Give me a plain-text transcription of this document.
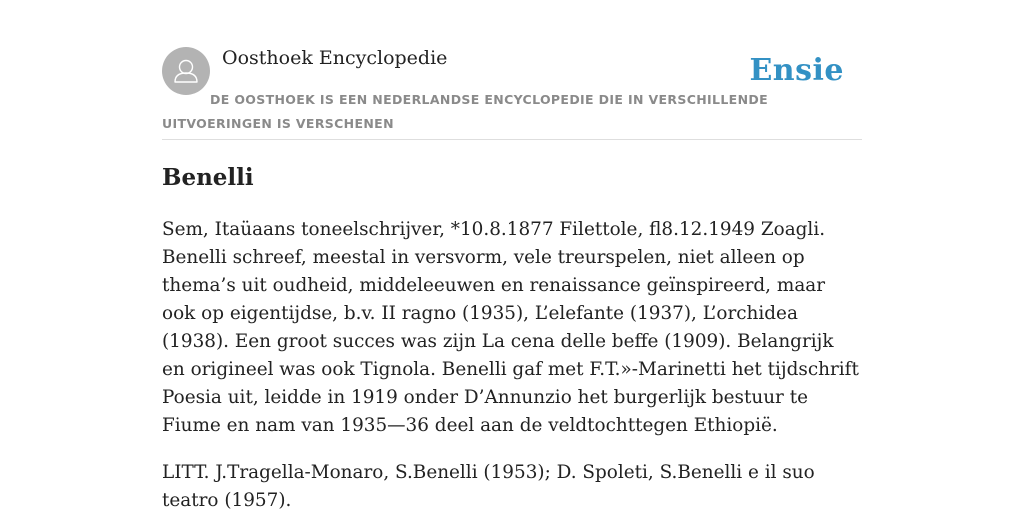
Oosthoek Encyclopedie	Ensie
DE OOSTHOEK IS EEN NEDERLANDSE ENCYCLOPEDIE DIE IN VERSCHILLENDE UITVOERINGEN IS VERSCHENEN
Benelli

Sem, Itaüaans toneelschrijver, *10.8.1877 Filettole, fl8.12.1949 Zoagli. Benelli schreef, meestal in versvorm, vele treurspelen, niet alleen op thema’s uit oudheid, middeleeuwen en renaissance geïnspireerd, maar ook op eigentijdse, b.v. II ragno (1935), L’elefante (1937), L’orchidea (1938). Een groot succes was zijn La cena delle beffe (1909). Belangrijk en origineel was ook Tignola. Benelli gaf met F.T.»-Marinetti het tijdschrift Poesia uit, leidde in 1919 onder D’Annunzio het burgerlijk bestuur te Fiume en nam van 1935—36 deel aan de veldtochttegen Ethiopië.

LITT. J.Tragella-Monaro, S.Benelli (1953); D. Spoleti, S.Benelli e il suo teatro (1957).
